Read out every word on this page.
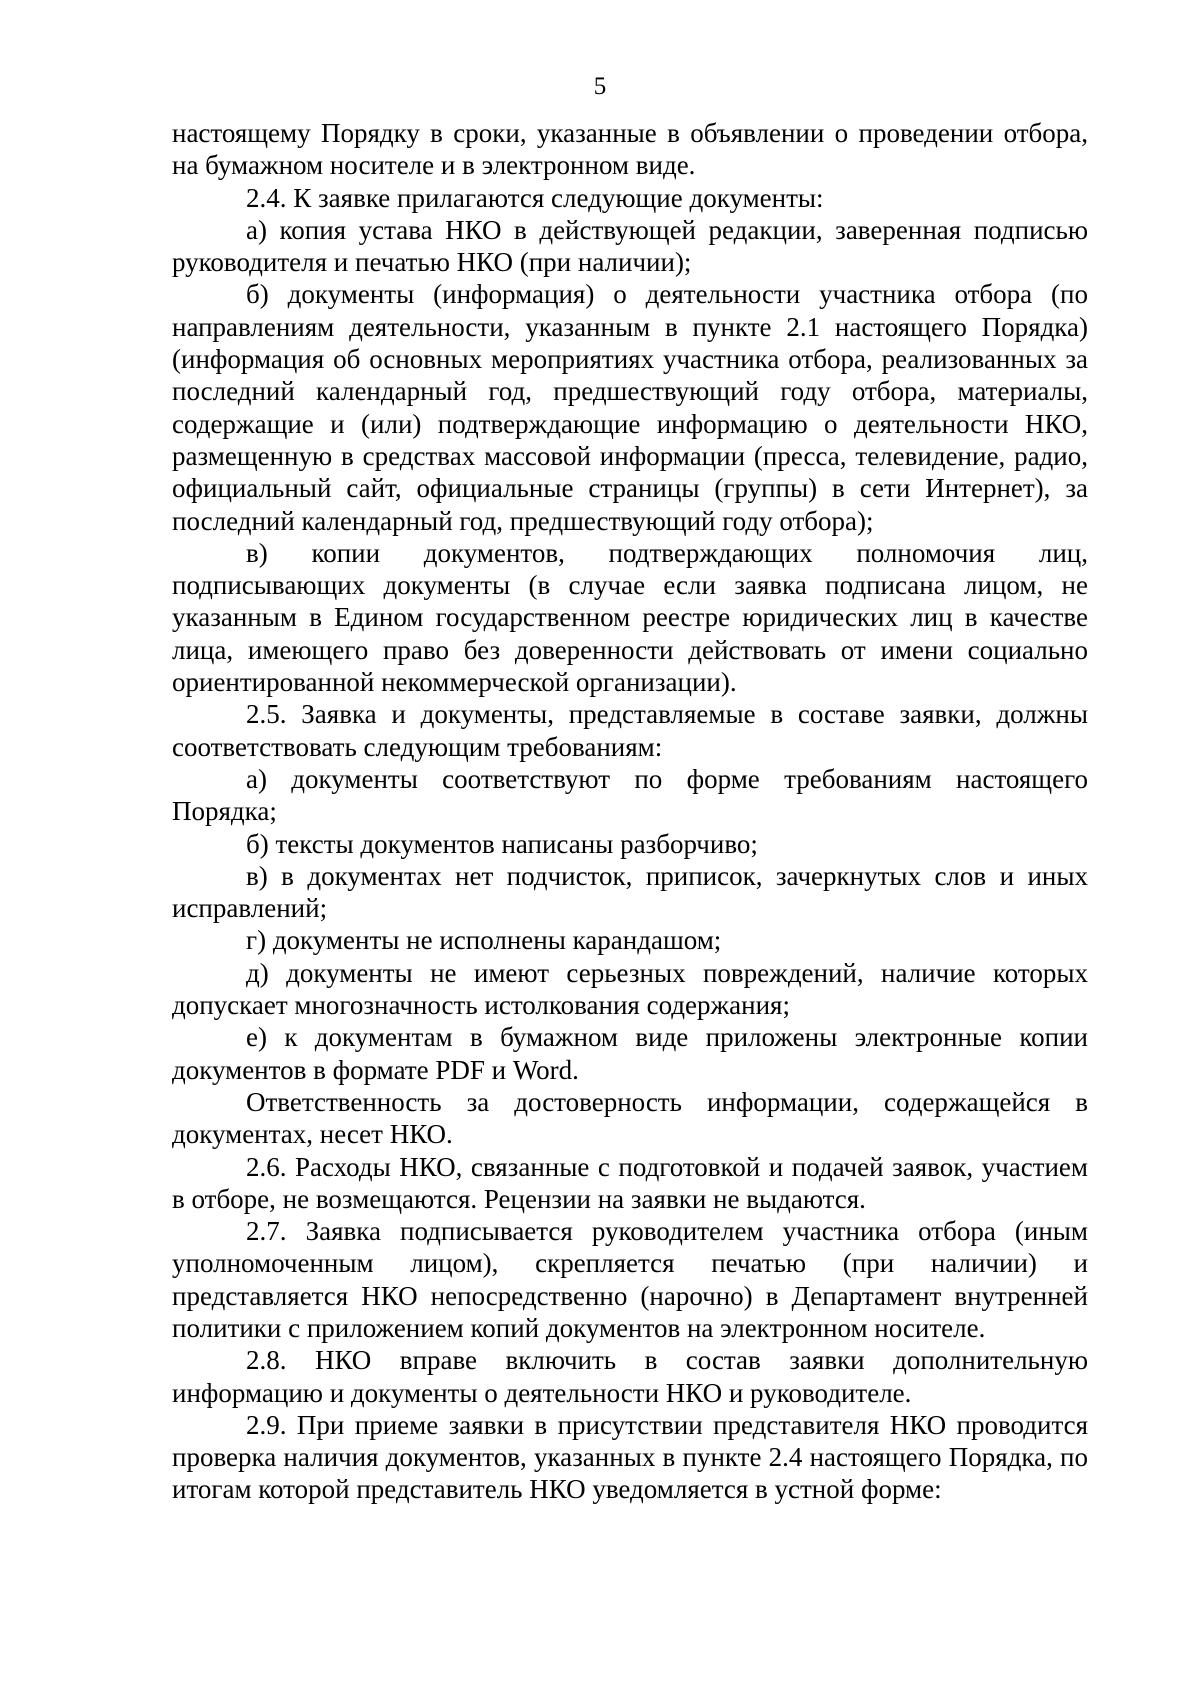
5

настоящему Порядку в сроки, указанные в объявлении о проведении отбора, на бумажном носителе и в электронном виде.

2.4. К заявке прилагаются следующие документы:

а) копия устава НКО в действующей редакции, заверенная подписью руководителя и печатью НКО (при наличии);

б) документы (информация) о деятельности участника отбора (по направлениям деятельности, указанным в пункте 2.1 настоящего Порядка) (информация об основных мероприятиях участника отбора, реализованных за последний календарный год, предшествующий году отбора, материалы, содержащие и (или) подтверждающие информацию о деятельности НКО, размещенную в средствах массовой информации (пресса, телевидение, радио, официальный сайт, официальные страницы (группы) в сети Интернет), за последний календарный год, предшествующий году отбора);

в) копии документов, подтверждающих полномочия лиц, подписывающих документы (в случае если заявка подписана лицом, не указанным в Едином государственном реестре юридических лиц в качестве лица, имеющего право без доверенности действовать от имени социально ориентированной некоммерческой организации).

2.5. Заявка и документы, представляемые в составе заявки, должны соответствовать следующим требованиям:

а) документы соответствуют по форме требованиям настоящего Порядка;

б) тексты документов написаны разборчиво;

в) в документах нет подчисток, приписок, зачеркнутых слов и иных исправлений;

г) документы не исполнены карандашом;

д) документы не имеют серьезных повреждений, наличие которых допускает многозначность истолкования содержания;

е) к документам в бумажном виде приложены электронные копии документов в формате PDF и Word.

Ответственность за достоверность информации, содержащейся в документах, несет НКО.

2.6. Расходы НКО, связанные с подготовкой и подачей заявок, участием в отборе, не возмещаются. Рецензии на заявки не выдаются.

2.7. Заявка подписывается руководителем участника отбора (иным уполномоченным лицом), скрепляется печатью (при наличии) и представляется НКО непосредственно (нарочно) в Департамент внутренней политики с приложением копий документов на электронном носителе.

2.8. НКО вправе включить в состав заявки дополнительную информацию и документы о деятельности НКО и руководителе.

2.9. При приеме заявки в присутствии представителя НКО проводится проверка наличия документов, указанных в пункте 2.4 настоящего Порядка, по итогам которой представитель НКО уведомляется в устной форме:
